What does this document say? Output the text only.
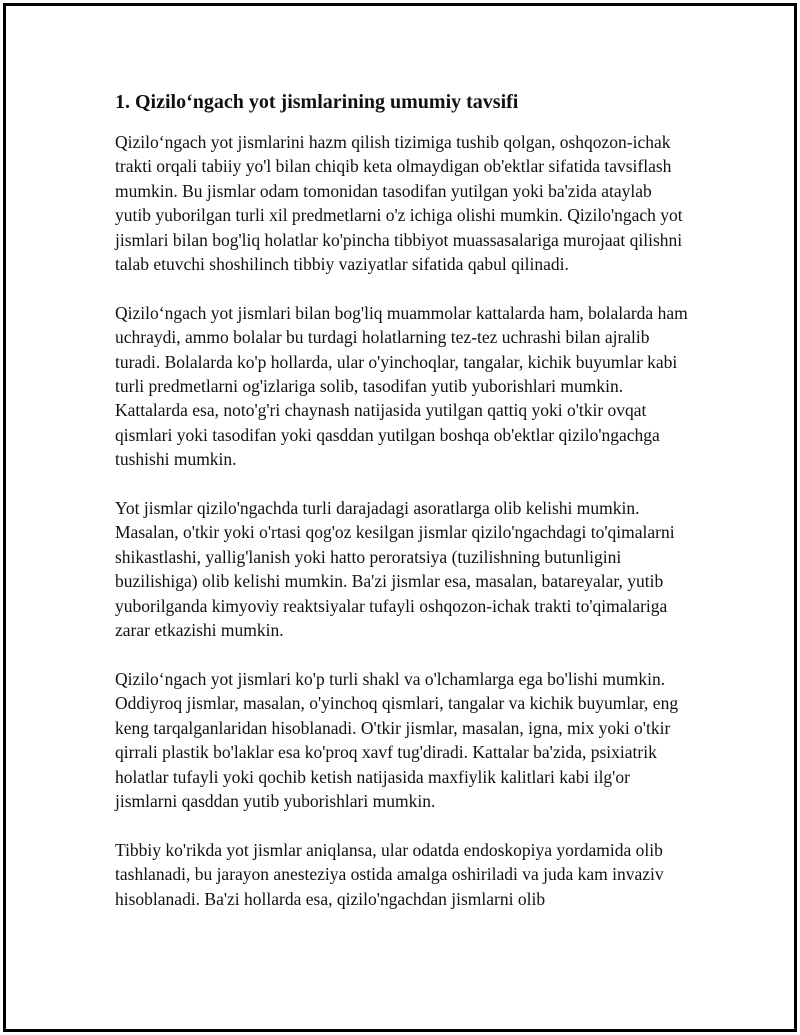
1. Qizilo‘ngach yot jismlarining umumiy tavsifi

Qizilo‘ngach yot jismlarini hazm qilish tizimiga tushib qolgan, oshqozon-ichak trakti orqali tabiiy yo'l bilan chiqib keta olmaydigan ob'ektlar sifatida tavsiflash mumkin. Bu jismlar odam tomonidan tasodifan yutilgan yoki ba'zida ataylab yutib yuborilgan turli xil predmetlarni o'z ichiga olishi mumkin. Qizilo'ngach yot jismlari bilan bog'liq holatlar ko'pincha tibbiyot muassasalariga murojaat qilishni talab etuvchi shoshilinch tibbiy vaziyatlar sifatida qabul qilinadi.

Qizilo‘ngach yot jismlari bilan bog'liq muammolar kattalarda ham, bolalarda ham uchraydi, ammo bolalar bu turdagi holatlarning tez-tez uchrashi bilan ajralib turadi. Bolalarda ko'p hollarda, ular o'yinchoqlar, tangalar, kichik buyumlar kabi turli predmetlarni og'izlariga solib, tasodifan yutib yuborishlari mumkin. Kattalarda esa, noto'g'ri chaynash natijasida yutilgan qattiq yoki o'tkir ovqat qismlari yoki tasodifan yoki qasddan yutilgan boshqa ob'ektlar qizilo'ngachga tushishi mumkin.

Yot jismlar qizilo'ngachda turli darajadagi asoratlarga olib kelishi mumkin. Masalan, o'tkir yoki o'rtasi qog'oz kesilgan jismlar qizilo'ngachdagi to'qimalarni shikastlashi, yallig'lanish yoki hatto peroratsiya (tuzilishning butunligini buzilishiga) olib kelishi mumkin. Ba'zi jismlar esa, masalan, batareyalar, yutib yuborilganda kimyoviy reaktsiyalar tufayli oshqozon-ichak trakti to'qimalariga zarar etkazishi mumkin.

Qizilo‘ngach yot jismlari ko'p turli shakl va o'lchamlarga ega bo'lishi mumkin. Oddiyroq jismlar, masalan, o'yinchoq qismlari, tangalar va kichik buyumlar, eng keng tarqalganlaridan hisoblanadi. O'tkir jismlar, masalan, igna, mix yoki o'tkir qirrali plastik bo'laklar esa ko'proq xavf tug'diradi. Kattalar ba'zida, psixiatrik holatlar tufayli yoki qochib ketish natijasida maxfiylik kalitlari kabi ilg'or jismlarni qasddan yutib yuborishlari mumkin.

Tibbiy ko'rikda yot jismlar aniqlansa, ular odatda endoskopiya yordamida olib tashlanadi, bu jarayon anesteziya ostida amalga oshiriladi va juda kam invaziv hisoblanadi. Ba'zi hollarda esa, qizilo'ngachdan jismlarni olib
